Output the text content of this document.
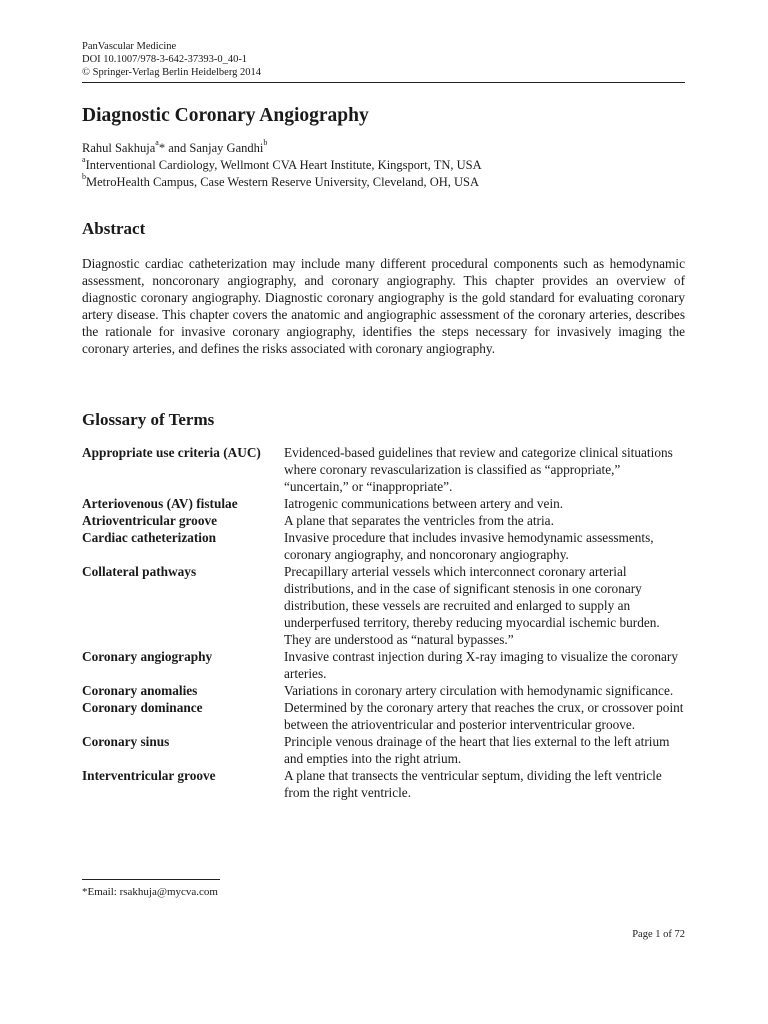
PanVascular Medicine
DOI 10.1007/978-3-642-37393-0_40-1
© Springer-Verlag Berlin Heidelberg 2014
Diagnostic Coronary Angiography
Rahul Sakhuja$^a$* and Sanjay Gandhi$^b$
$^a$Interventional Cardiology, Wellmont CVA Heart Institute, Kingsport, TN, USA
$^b$MetroHealth Campus, Case Western Reserve University, Cleveland, OH, USA
Abstract

Diagnostic cardiac catheterization may include many different procedural components such as hemodynamic assessment, noncoronary angiography, and coronary angiography. This chapter provides an overview of diagnostic coronary angiography. Diagnostic coronary angiography is the gold standard for evaluating coronary artery disease. This chapter covers the anatomic and angiographic assessment of the coronary arteries, describes the rationale for invasive coronary angiography, identifies the steps necessary for invasively imaging the coronary arteries, and defines the risks associated with coronary angiography.

Glossary of Terms
Appropriate use criteria (AUC)	Evidenced-based guidelines that review and categorize clinical situations where coronary revascularization is classified as “appropriate,” “uncertain,” or “inappropriate”.
Arteriovenous (AV) fistulae	Iatrogenic communications between artery and vein.
Atrioventricular groove	A plane that separates the ventricles from the atria.
Cardiac catheterization	Invasive procedure that includes invasive hemodynamic assessments, coronary angiography, and noncoronary angiography.
Collateral pathways	Precapillary arterial vessels which interconnect coronary arterial distributions, and in the case of significant stenosis in one coronary distribution, these vessels are recruited and enlarged to supply an underperfused territory, thereby reducing myocardial ischemic burden. They are understood as “natural bypasses.”
Coronary angiography	Invasive contrast injection during X-ray imaging to visualize the coronary arteries.
Coronary anomalies	Variations in coronary artery circulation with hemodynamic significance.
Coronary dominance	Determined by the coronary artery that reaches the crux, or crossover point between the atrioventricular and posterior interventricular groove.
Coronary sinus	Principle venous drainage of the heart that lies external to the left atrium and empties into the right atrium.
Interventricular groove	A plane that transects the ventricular septum, dividing the left ventricle from the right ventricle.
*Email: rsakhuja@mycva.com
Page 1 of 72
